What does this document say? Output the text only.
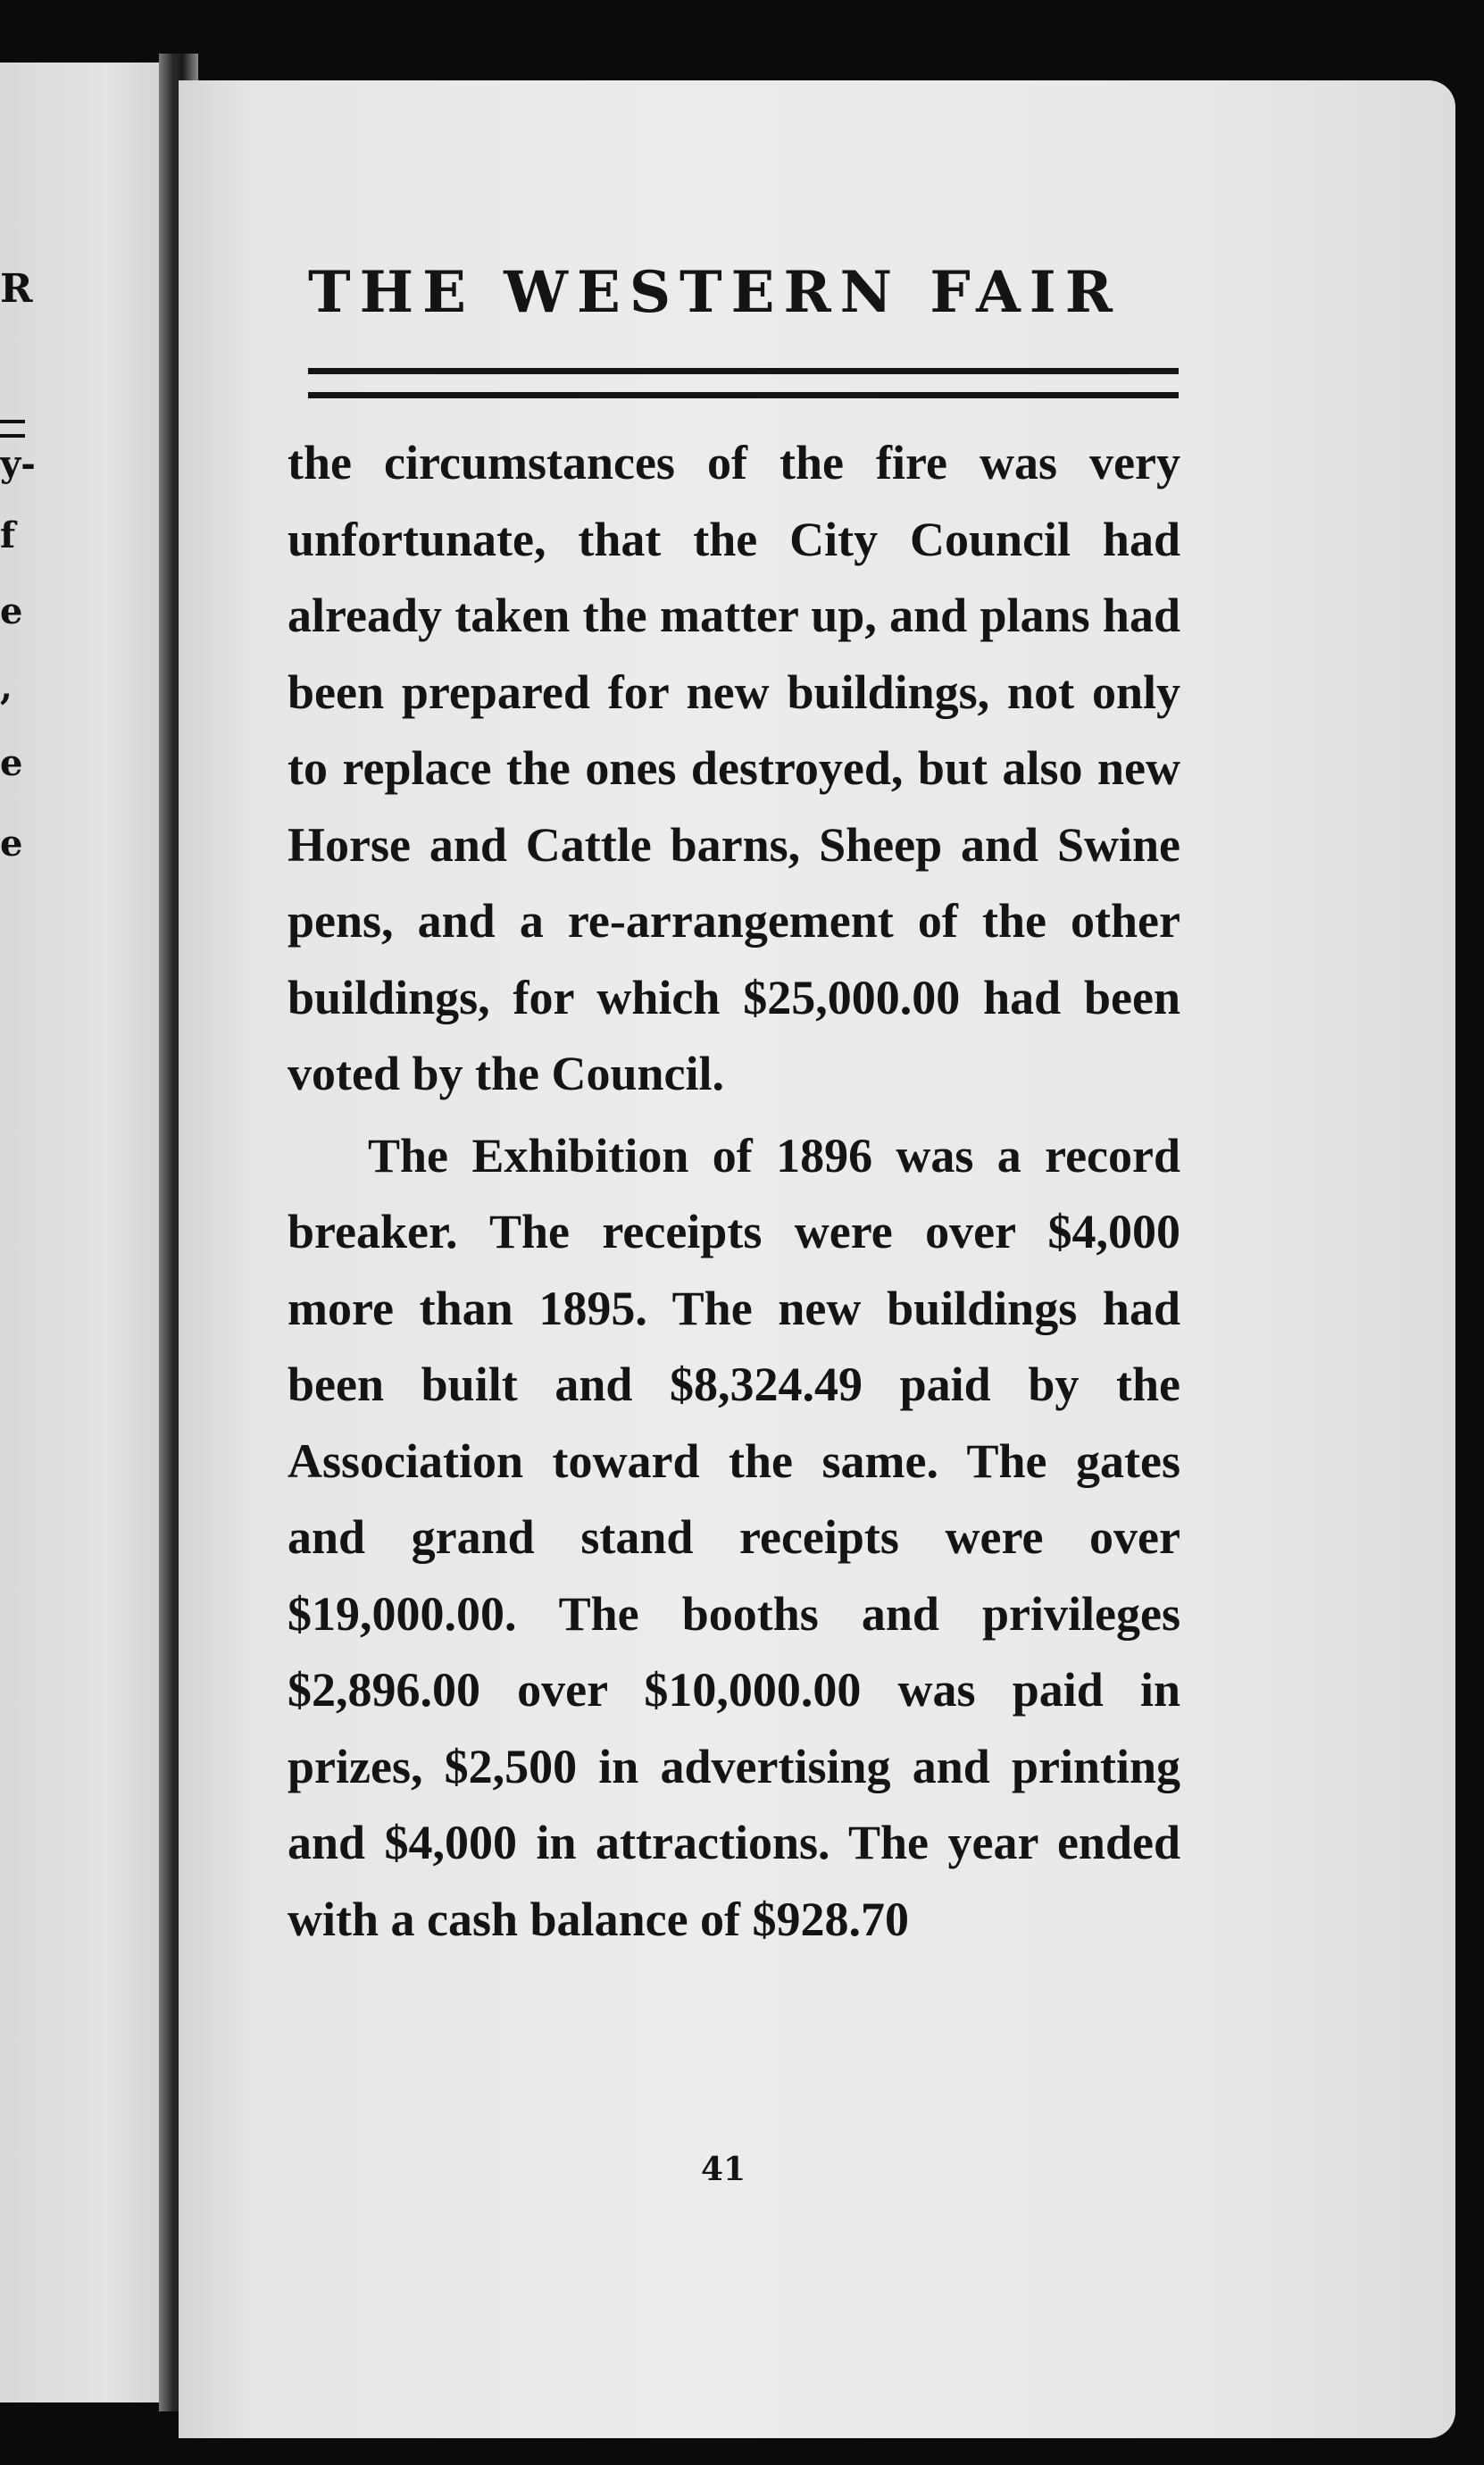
R
y-
f
e
,
e
e
THE WESTERN FAIR

the circumstances of the fire was very unfortunate, that the City Council had already taken the matter up, and plans had been prepared for new buildings, not only to replace the ones destroyed, but also new Horse and Cattle barns, Sheep and Swine pens, and a re-arrangement of the other buildings, for which $25,000.00 had been voted by the Council.

The Exhibition of 1896 was a record breaker. The receipts were over $4,000 more than 1895. The new buildings had been built and $8,324.49 paid by the Association toward the same. The gates and grand stand receipts were over $19,000.00. The booths and privileges $2,896.00 over $10,000.00 was paid in prizes, $2,500 in advertising and printing and $4,000 in attractions. The year ended with a cash balance of $928.70

41
